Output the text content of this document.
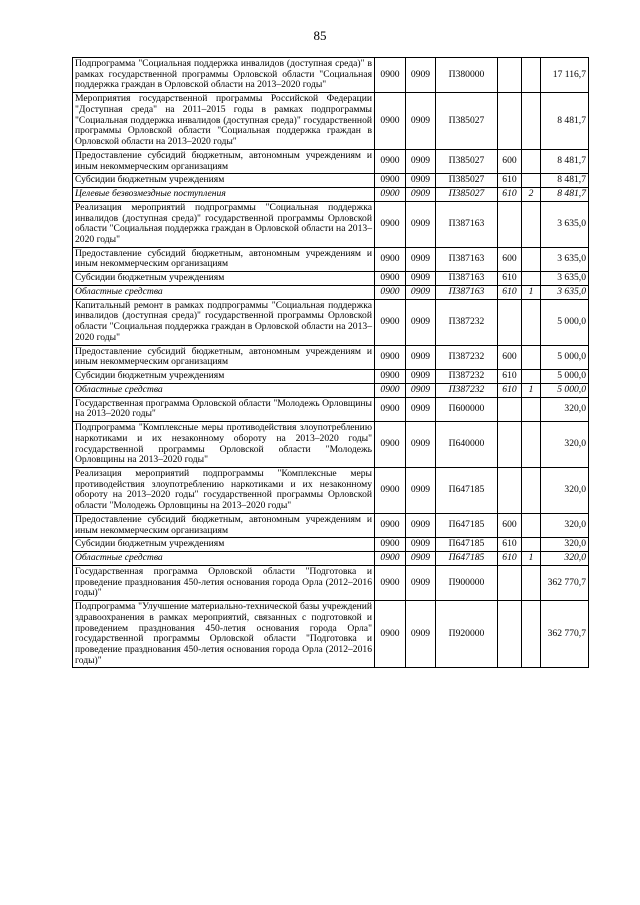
85
Подпрограмма "Социальная поддержка инвалидов (доступная среда)" в рамках государственной программы Орловской области "Социальная поддержка граждан в Орловской области на 2013–2020 годы"	0900	0909	П380000			17 116,7
Мероприятия государственной программы Российской Федерации "Доступная среда" на 2011–2015 годы в рамках подпрограммы "Социальная поддержка инвалидов (доступная среда)" государственной программы Орловской области "Социальная поддержка граждан в Орловской области на 2013–2020 годы"	0900	0909	П385027			8 481,7
Предоставление субсидий бюджетным, автономным учреждениям и иным некоммерческим организациям	0900	0909	П385027	600		8 481,7
Субсидии бюджетным учреждениям	0900	0909	П385027	610		8 481,7
Целевые безвозмездные поступления	0900	0909	П385027	610	2	8 481,7
Реализация мероприятий подпрограммы "Социальная поддержка инвалидов (доступная среда)" государственной программы Орловской области "Социальная поддержка граждан в Орловской области на 2013–2020 годы"	0900	0909	П387163			3 635,0
Предоставление субсидий бюджетным, автономным учреждениям и иным некоммерческим организациям	0900	0909	П387163	600		3 635,0
Субсидии бюджетным учреждениям	0900	0909	П387163	610		3 635,0
Областные средства	0900	0909	П387163	610	1	3 635,0
Капитальный ремонт в рамках подпрограммы "Социальная поддержка инвалидов (доступная среда)" государственной программы Орловской области "Социальная поддержка граждан в Орловской области на 2013–2020 годы"	0900	0909	П387232			5 000,0
Предоставление субсидий бюджетным, автономным учреждениям и иным некоммерческим организациям	0900	0909	П387232	600		5 000,0
Субсидии бюджетным учреждениям	0900	0909	П387232	610		5 000,0
Областные средства	0900	0909	П387232	610	1	5 000,0
Государственная программа Орловской области "Молодежь Орловщины на 2013–2020 годы"	0900	0909	П600000			320,0
Подпрограмма "Комплексные меры противодействия злоупотреблению наркотиками и их незаконному обороту на 2013–2020 годы" государственной программы Орловской области "Молодежь Орловщины на 2013–2020 годы"	0900	0909	П640000			320,0
Реализация мероприятий подпрограммы "Комплексные меры противодействия злоупотреблению наркотиками и их незаконному обороту на 2013–2020 годы" государственной программы Орловской области "Молодежь Орловщины на 2013–2020 годы"	0900	0909	П647185			320,0
Предоставление субсидий бюджетным, автономным учреждениям и иным некоммерческим организациям	0900	0909	П647185	600		320,0
Субсидии бюджетным учреждениям	0900	0909	П647185	610		320,0
Областные средства	0900	0909	П647185	610	1	320,0
Государственная программа Орловской области "Подготовка и проведение празднования 450-летия основания города Орла (2012–2016 годы)"	0900	0909	П900000			362 770,7
Подпрограмма "Улучшение материально-технической базы учреждений здравоохранения в рамках мероприятий, связанных с подготовкой и проведением празднования 450-летия основания города Орла" государственной программы Орловской области "Подготовка и проведение празднования 450-летия основания города Орла (2012–2016 годы)"	0900	0909	П920000			362 770,7
